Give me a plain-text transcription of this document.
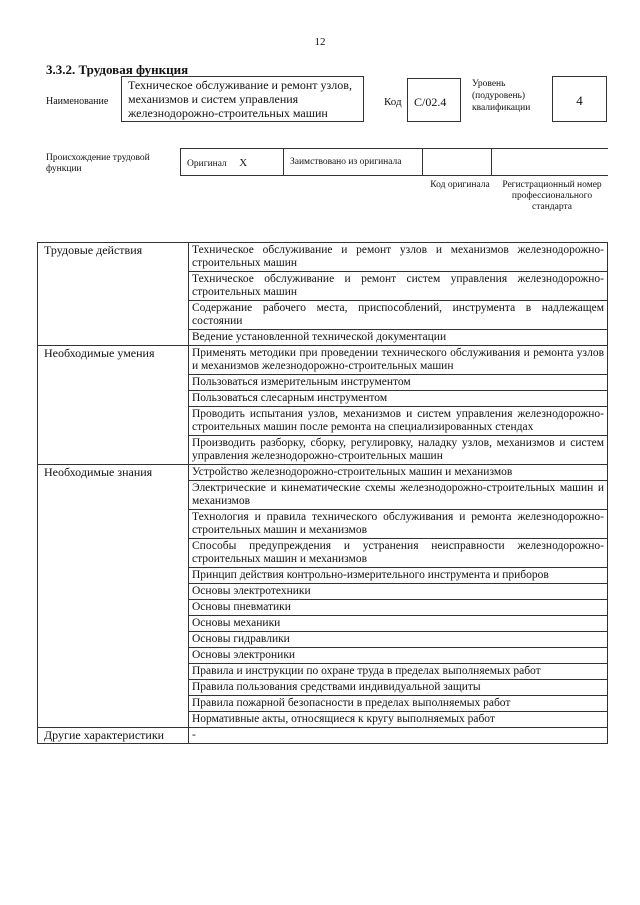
12
3.3.2. Трудовая функция
Наименование
Техническое обслуживание и ремонт узлов, механизмов и систем управления железнодорожно-строительных машин
Код	C/02.4
Уровень (подуровень) квалификации	4
Происхождение трудовой функции	Оригинал X	Заимствовано из оригинала
Код оригинала	Регистрационный номер профессионального стандарта
Трудовые действия	Техническое обслуживание и ремонт узлов и механизмов железнодорожно-строительных машин
	Техническое обслуживание и ремонт систем управления железнодорожно-строительных машин
	Содержание рабочего места, приспособлений, инструмента в надлежащем состоянии
	Ведение установленной технической документации
Необходимые умения	Применять методики при проведении технического обслуживания и ремонта узлов и механизмов железнодорожно-строительных машин
	Пользоваться измерительным инструментом
	Пользоваться слесарным инструментом
	Проводить испытания узлов, механизмов и систем управления железнодорожно-строительных машин после ремонта на специализированных стендах
	Производить разборку, сборку, регулировку, наладку узлов, механизмов и систем управления железнодорожно-строительных машин
Необходимые знания	Устройство железнодорожно-строительных машин и механизмов
	Электрические и кинематические схемы железнодорожно-строительных машин и механизмов
	Технология и правила технического обслуживания и ремонта железнодорожно-строительных машин и механизмов
	Способы предупреждения и устранения неисправности железнодорожно-строительных машин и механизмов
	Принцип действия контрольно-измерительного инструмента и приборов
	Основы электротехники
	Основы пневматики
	Основы механики
	Основы гидравлики
	Основы электроники
	Правила и инструкции по охране труда в пределах выполняемых работ
	Правила пользования средствами индивидуальной защиты
	Правила пожарной безопасности в пределах выполняемых работ
	Нормативные акты, относящиеся к кругу выполняемых работ
Другие характеристики	-
